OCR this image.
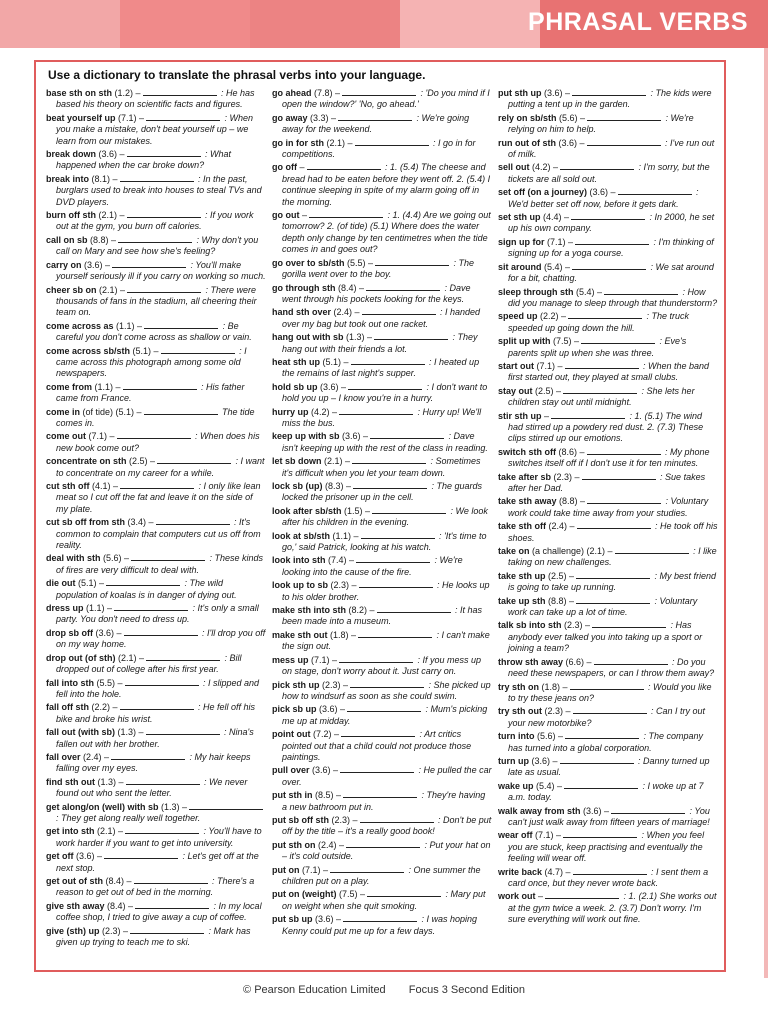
PHRASAL VERBS
Use a dictionary to translate the phrasal verbs into your language.
base sth on sth (1.2) –	: He has based his theory on scientific facts and figures.
beat yourself up (7.1) –	: When you make a mistake, don't beat yourself up – we learn from our mistakes.
break down (3.6) –	: What happened when the car broke down?
break into (8.1) –	: In the past, burglars used to break into houses to steal TVs and DVD players.
burn off sth (2.1) –	: If you work out at the gym, you burn off calories.
call on sb (8.8) –	: Why don't you call on Mary and see how she's feeling?
carry on (3.6) –	: You'll make yourself seriously ill if you carry on working so much.
cheer sb on (2.1) –	: There were thousands of fans in the stadium, all cheering their team on.
come across as (1.1) –	: Be careful you don't come across as shallow or vain.
come across sb/sth (5.1) –	: I came across this photograph among some old newspapers.
come from (1.1) –	: His father came from France.
come in (of tide) (5.1) –	The tide comes in.
come out (7.1) –	: When does his new book come out?
concentrate on sth (2.5) –	: I want to concentrate on my career for a while.
cut sth off (4.1) –	: I only like lean meat so I cut off the fat and leave it on the side of my plate.
cut sb off from sth (3.4) –	: It's common to complain that computers cut us off from reality.
deal with sth (5.6) –	: These kinds of fires are very difficult to deal with.
die out (5.1) –	: The wild population of koalas is in danger of dying out.
dress up (1.1) –	: It's only a small party. You don't need to dress up.
drop sb off (3.6) –	: I'll drop you off on my way home.
drop out (of sth) (2.1) –	: Bill dropped out of college after his first year.
fall into sth (5.5) –	: I slipped and fell into the hole.
fall off sth (2.2) –	: He fell off his bike and broke his wrist.
fall out (with sb) (1.3) –	: Nina's fallen out with her brother.
fall over (2.4) –	: My hair keeps falling over my eyes.
find sth out (1.3) –	: We never found out who sent the letter.
get along/on (well) with sb (1.3) – : They get along really well together.
get into sth (2.1) –	: You'll have to work harder if you want to get into university.
get off (3.6) –	: Let's get off at the next stop.
get out of sth (8.4) –	: There's a reason to get out of bed in the morning.
give sth away (8.4) –	: In my local coffee shop, I tried to give away a cup of coffee.
give (sth) up (2.3) –	: Mark has given up trying to teach me to ski.
go ahead (7.8) –	: 'Do you mind if I open the window?' 'No, go ahead.'
go away (3.3) –	: We're going away for the weekend.
go in for sth (2.1) –	: I go in for competitions.
go off –	: 1. (5.4) The cheese and bread had to be eaten before they went off. 2. (5.4) I continue sleeping in spite of my alarm going off in the morning.
go out –	: 1. (4.4) Are we going out tomorrow? 2. (of tide) (5.1) Where does the water depth only change by ten centimetres when the tide comes in and goes out?
go over to sb/sth (5.5) –	: The gorilla went over to the boy.
go through sth (8.4) –	: Dave went through his pockets looking for the keys.
hand sth over (2.4) –	: I handed over my bag but took out one racket.
hang out with sb (1.3) –	: They hang out with their friends a lot.
heat sth up (5.1) –	: I heated up the remains of last night's supper.
hold sb up (3.6) –	: I don't want to hold you up – I know you're in a hurry.
hurry up (4.2) –	: Hurry up! We'll miss the bus.
keep up with sb (3.6) –	: Dave isn't keeping up with the rest of the class in reading.
let sb down (2.1) –	: Sometimes it's difficult when you let your team down.
lock sb (up) (8.3) –	: The guards locked the prisoner up in the cell.
look after sb/sth (1.5) –	: We look after his children in the evening.
look at sb/sth (1.1) –	: 'It's time to go,' said Patrick, looking at his watch.
look into sth (7.4) –	: We're looking into the cause of the fire.
look up to sb (2.3) –	: He looks up to his older brother.
make sth into sth (8.2) –	: It has been made into a museum.
make sth out (1.8) –	: I can't make the sign out.
mess up (7.1) –	: If you mess up on stage, don't worry about it. Just carry on.
pick sth up (2.3) –	: She picked up how to windsurf as soon as she could swim.
pick sb up (3.6) –	: Mum's picking me up at midday.
point out (7.2) –	: Art critics pointed out that a child could not produce those paintings.
pull over (3.6) –	: He pulled the car over.
put sth in (8.5) –	: They're having a new bathroom put in.
put sb off sth (2.3) –	: Don't be put off by the title – it's a really good book!
put sth on (2.4) –	: Put your hat on – it's cold outside.
put on (7.1) –	: One summer the children put on a play.
put on (weight) (7.5) –	: Mary put on weight when she quit smoking.
put sb up (3.6) –	: I was hoping Kenny could put me up for a few days.
put sth up (3.6) –	: The kids were putting a tent up in the garden.
rely on sb/sth (5.6) –	: We're relying on him to help.
run out of sth (3.6) –	: I've run out of milk.
sell out (4.2) –	: I'm sorry, but the tickets are all sold out.
set off (on a journey) (3.6) –	: We'd better set off now, before it gets dark.
set sth up (4.4) –	: In 2000, he set up his own company.
sign up for (7.1) –	: I'm thinking of signing up for a yoga course.
sit around (5.4) –	: We sat around for a bit, chatting.
sleep through sth (5.4) –	: How did you manage to sleep through that thunderstorm?
speed up (2.2) –	: The truck speeded up going down the hill.
split up with (7.5) –	: Eve's parents split up when she was three.
start out (7.1) –	: When the band first started out, they played at small clubs.
stay out (2.5) –	: She lets her children stay out until midnight.
stir sth up –	: 1. (5.1) The wind had stirred up a powdery red dust. 2. (7.3) These clips stirred up our emotions.
switch sth off (8.6) –	: My phone switches itself off if I don't use it for ten minutes.
take after sb (2.3) –	: Sue takes after her Dad.
take sth away (8.8) –	: Voluntary work could take time away from your studies.
take sth off (2.4) –	: He took off his shoes.
take on (a challenge) (2.1) –	: I like taking on new challenges.
take sth up (2.5) –	: My best friend is going to take up running.
take up sth (8.8) –	: Voluntary work can take up a lot of time.
talk sb into sth (2.3) –	: Has anybody ever talked you into taking up a sport or joining a team?
throw sth away (6.6) –	: Do you need these newspapers, or can I throw them away?
try sth on (1.8) –	: Would you like to try these jeans on?
try sth out (2.3) –	: Can I try out your new motorbike?
turn into (5.6) –	: The company has turned into a global corporation.
turn up (3.6) –	: Danny turned up late as usual.
wake up (5.4) –	: I woke up at 7 a.m. today.
walk away from sth (3.6) –	: You can't just walk away from fifteen years of marriage!
wear off (7.1) –	: When you feel you are stuck, keep practising and eventually the feeling will wear off.
write back (4.7) –	: I sent them a card once, but they never wrote back.
work out –	: 1. (2.1) She works out at the gym twice a week. 2. (3.7) Don't worry. I'm sure everything will work out fine.
© Pearson Education Limited Focus 3 Second Edition
